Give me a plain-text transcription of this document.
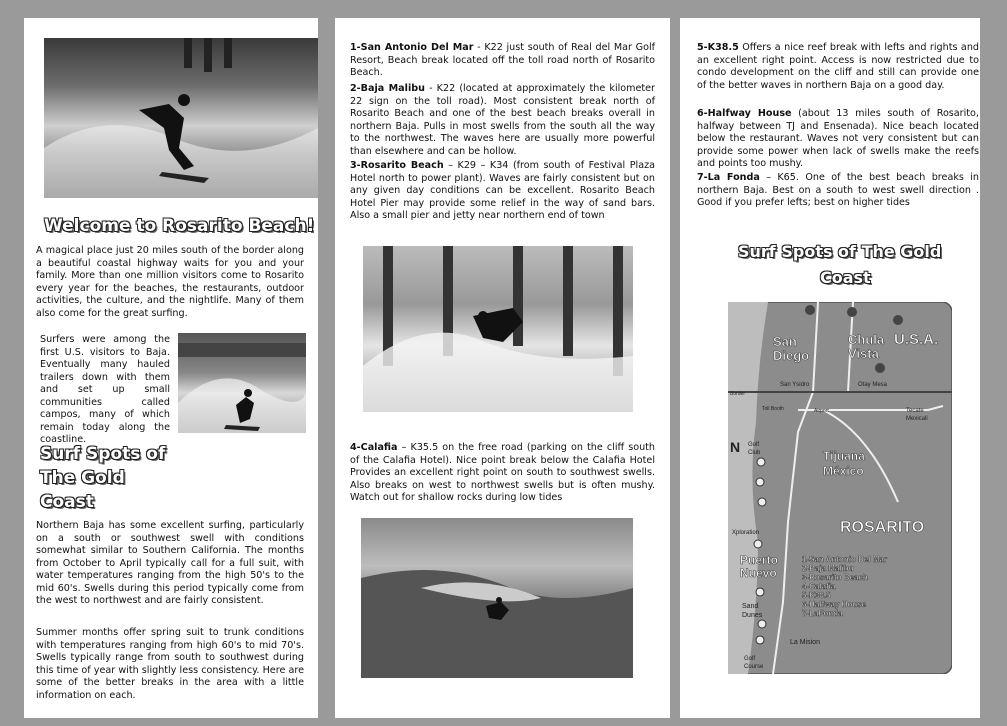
Welcome to Rosarito Beach!

A magical place just 20 miles south of the border along a beautiful coastal highway waits for you and your family. More than one million visitors come to Rosarito every year for the beaches, the restaurants, outdoor activities, the culture, and the nightlife. Many of them also come for the great surfing.

Surfers were among the first U.S. visitors to Baja. Eventually many hauled trailers down with them and set up small communities called campos, many of which remain today along the coastline.

Surf Spots of
The Gold
Coast

Northern Baja has some excellent surfing, particularly on a south or southwest swell with conditions somewhat similar to Southern California. The months from October to April typically call for a full suit, with water temperatures ranging from the high 50's to the mid 60's. Swells during this period typically come from the west to northwest and are fairly consistent.

Summer months offer spring suit to trunk conditions with temperatures ranging from high 60's to mid 70's. Swells typically range from south to southwest during this time of year with slightly less consistency. Here are some of the better breaks in the area with a little information on each.

1-San Antonio Del Mar - K22 just south of Real del Mar Golf Resort, Beach break located off the toll road north of Rosarito Beach.

2-Baja Malibu - K22 (located at approximately the kilometer 22 sign on the toll road). Most consistent break north of Rosarito Beach and one of the best beach breaks overall in northern Baja. Pulls in most swells from the south all the way to the northwest. The waves here are usually more powerful than elsewhere and can be hollow.

3-Rosarito Beach – K29 – K34 (from south of Festival Plaza Hotel north to power plant). Waves are fairly consistent but on any given day conditions can be excellent. Rosarito Beach Hotel Pier may provide some relief in the way of sand bars. Also a small pier and jetty near northern end of town

4-Calafia – K35.5 on the free road (parking on the cliff south of the Calafia Hotel). Nice point break below the Calafia Hotel Provides an excellent right point on south to southwest swells. Also breaks on west to northwest swells but is often mushy. Watch out for shallow rocks during low tides

5-K38.5 Offers a nice reef break with lefts and rights and an excellent right point. Access is now restricted due to condo development on the cliff and still can provide one of the better waves in northern Baja on a good day.

6-Halfway House (about 13 miles south of Rosarito, halfway between TJ and Ensenada). Nice beach located below the restaurant. Waves not very consistent but can provide some power when lack of swells make the reefs and points too mushy.

7-La Fonda – K65. One of the best beach breaks in northern Baja. Best on a south to west swell direction . Good if you prefer lefts; best on higher tides

Surf Spots of The Gold
Coast
San
Diego
Chula
Vista
U.S.A.
San Ysidro	Otay Mesa
Border
Toll Booth	Airport	Tecate
Mexicali
N Golf
Club	Tijuana
México
ROSARITO
Xploration
Puerto
Nuevo
Sand
Dunes
Golf
Course
La Mision
1-San Antonio Del Mar
2-Baja Malibu
3-Rosarito Beach
4-Calafia
5-K38.5
6-Halfway House
7-LaFonda
